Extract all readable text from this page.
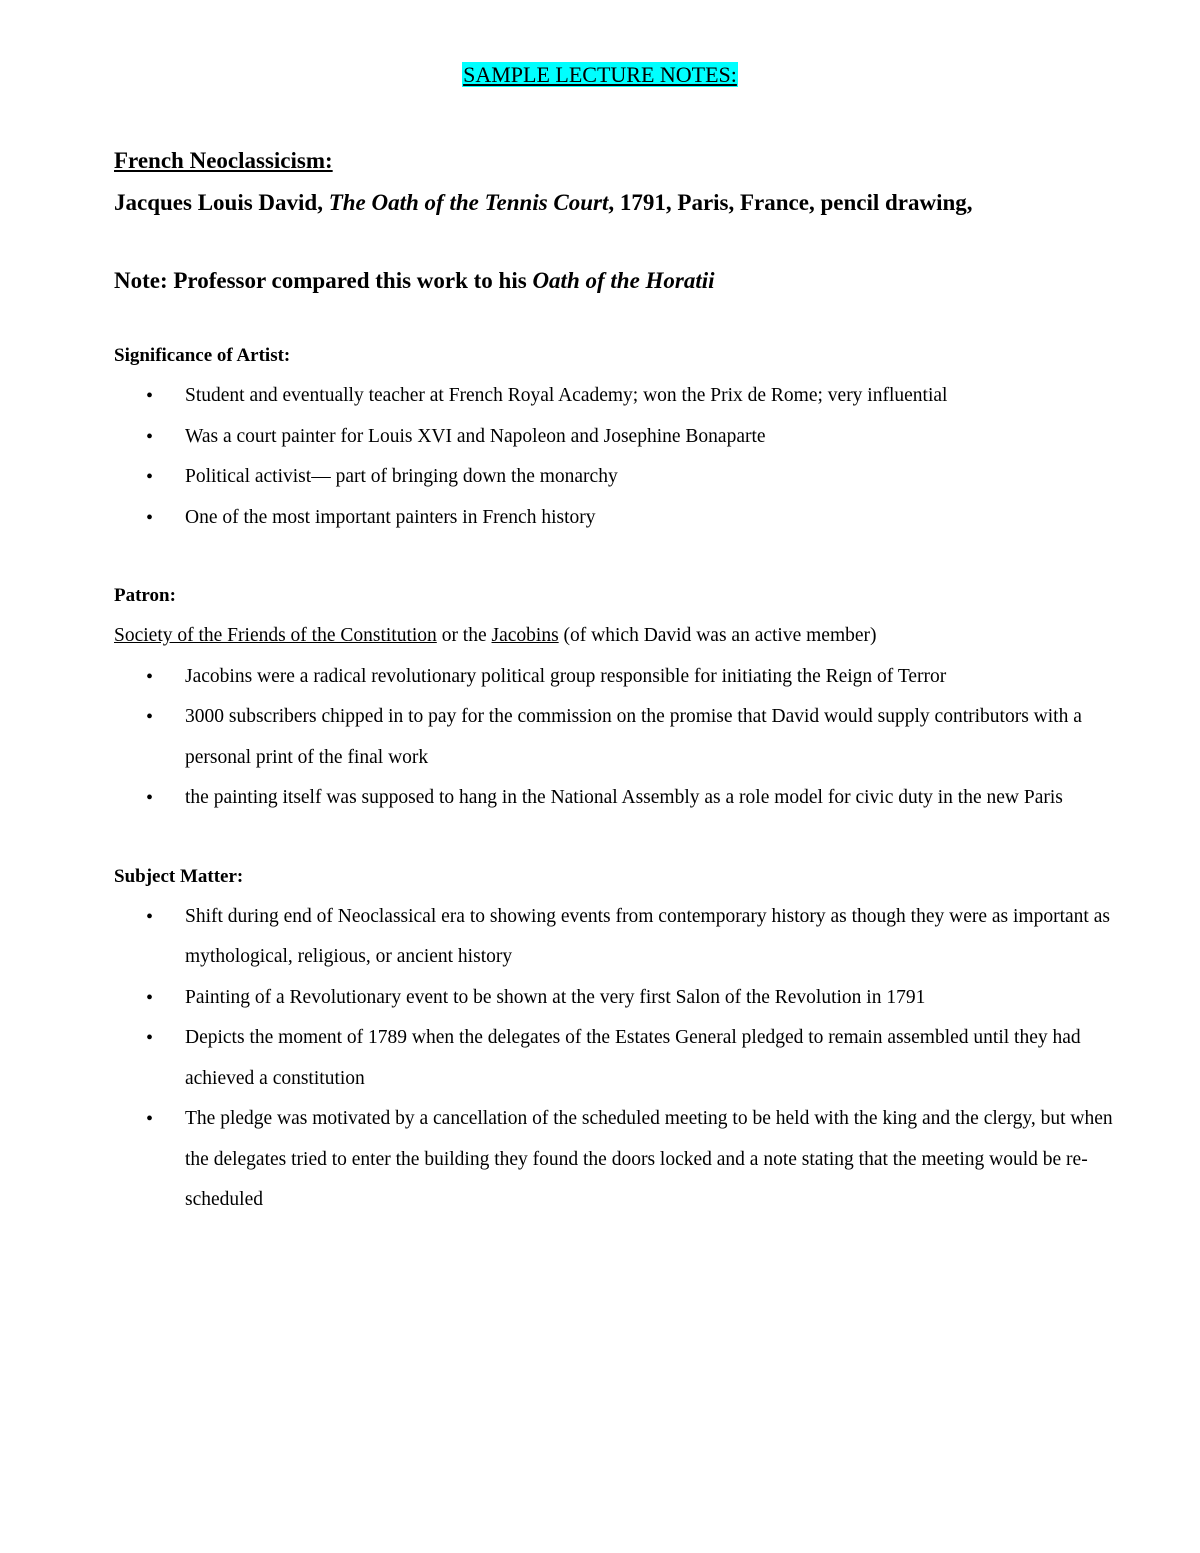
SAMPLE LECTURE NOTES:

French Neoclassicism:

Jacques Louis David, The Oath of the Tennis Court, 1791, Paris, France, pencil drawing,

Note: Professor compared this work to his Oath of the Horatii

Significance of Artist:

• Student and eventually teacher at French Royal Academy; won the Prix de Rome; very influential
• Was a court painter for Louis XVI and Napoleon and Josephine Bonaparte
• Political activist— part of bringing down the monarchy
• One of the most important painters in French history

Patron:

Society of the Friends of the Constitution or the Jacobins (of which David was an active member)

• Jacobins were a radical revolutionary political group responsible for initiating the Reign of Terror
• 3000 subscribers chipped in to pay for the commission on the promise that David would supply contributors with a personal print of the final work
• the painting itself was supposed to hang in the National Assembly as a role model for civic duty in the new Paris

Subject Matter:

• Shift during end of Neoclassical era to showing events from contemporary history as though they were as important as mythological, religious, or ancient history
• Painting of a Revolutionary event to be shown at the very first Salon of the Revolution in 1791
• Depicts the moment of 1789 when the delegates of the Estates General pledged to remain assembled until they had achieved a constitution
• The pledge was motivated by a cancellation of the scheduled meeting to be held with the king and the clergy, but when the delegates tried to enter the building they found the doors locked and a note stating that the meeting would be re-scheduled
